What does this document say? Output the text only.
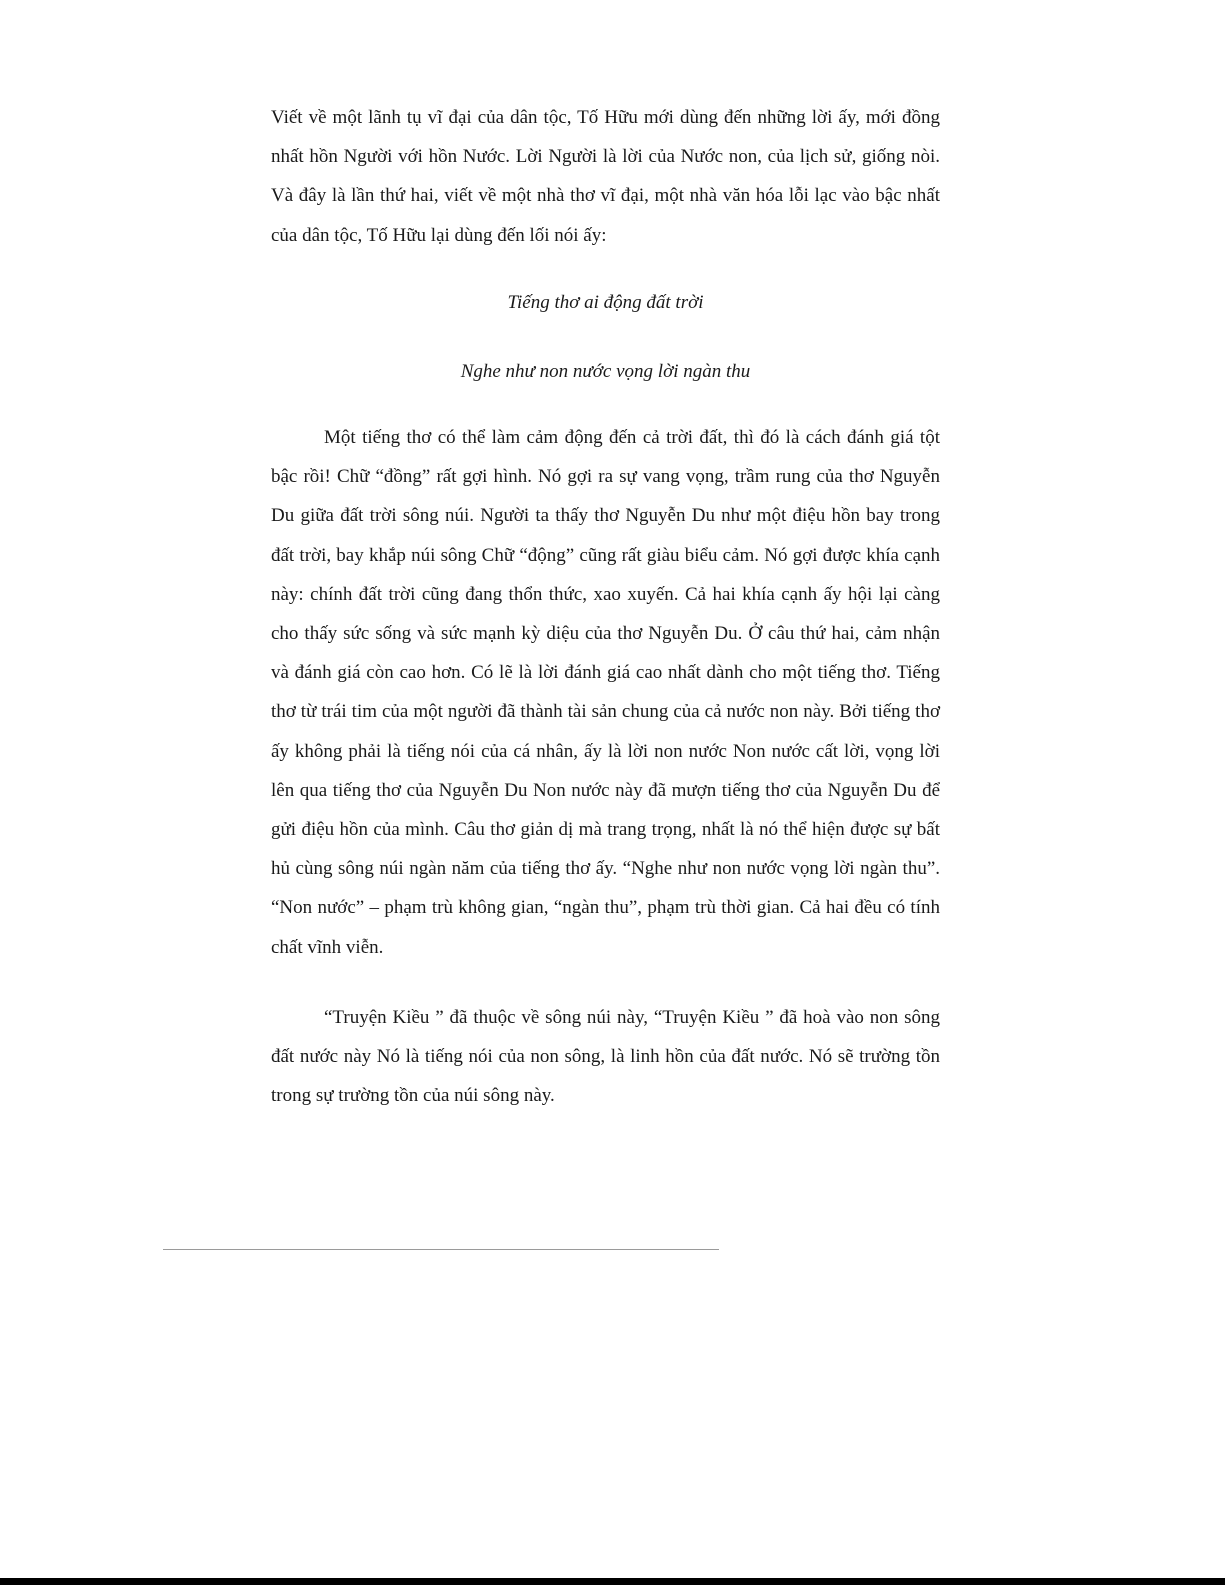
Viết về một lãnh tụ vĩ đại của dân tộc, Tố Hữu mới dùng đến những lời ấy, mới đồng nhất hồn Người với hồn Nước. Lời Người là lời của Nước non, của lịch sử, giống nòi. Và đây là lần thứ hai, viết về một nhà thơ vĩ đại, một nhà văn hóa lỗi lạc vào bậc nhất của dân tộc, Tố Hữu lại dùng đến lối nói ấy:

Tiếng thơ ai động đất trời
Nghe như non nước vọng lời ngàn thu

Một tiếng thơ có thể làm cảm động đến cả trời đất, thì đó là cách đánh giá tột bậc rồi! Chữ “đồng” rất gợi hình. Nó gợi ra sự vang vọng, trầm rung của thơ Nguyễn Du giữa đất trời sông núi. Người ta thấy thơ Nguyễn Du như một điệu hồn bay trong đất trời, bay khắp núi sông Chữ “động” cũng rất giàu biểu cảm. Nó gợi được khía cạnh này: chính đất trời cũng đang thổn thức, xao xuyến. Cả hai khía cạnh ấy hội lại càng cho thấy sức sống và sức mạnh kỳ diệu của thơ Nguyễn Du. Ở câu thứ hai, cảm nhận và đánh giá còn cao hơn. Có lẽ là lời đánh giá cao nhất dành cho một tiếng thơ. Tiếng thơ từ trái tim của một người đã thành tài sản chung của cả nước non này. Bởi tiếng thơ ấy không phải là tiếng nói của cá nhân, ấy là lời non nước Non nước cất lời, vọng lời lên qua tiếng thơ của Nguyễn Du Non nước này đã mượn tiếng thơ của Nguyễn Du để gửi điệu hồn của mình. Câu thơ giản dị mà trang trọng, nhất là nó thể hiện được sự bất hủ cùng sông núi ngàn năm của tiếng thơ ấy. “Nghe như non nước vọng lời ngàn thu”. “Non nước” – phạm trù không gian, “ngàn thu”, phạm trù thời gian. Cả hai đều có tính chất vĩnh viễn.

“Truyện Kiều ” đã thuộc về sông núi này, “Truyện Kiều ” đã hoà vào non sông đất nước này Nó là tiếng nói của non sông, là linh hồn của đất nước. Nó sẽ trường tồn trong sự trường tồn của núi sông này.
